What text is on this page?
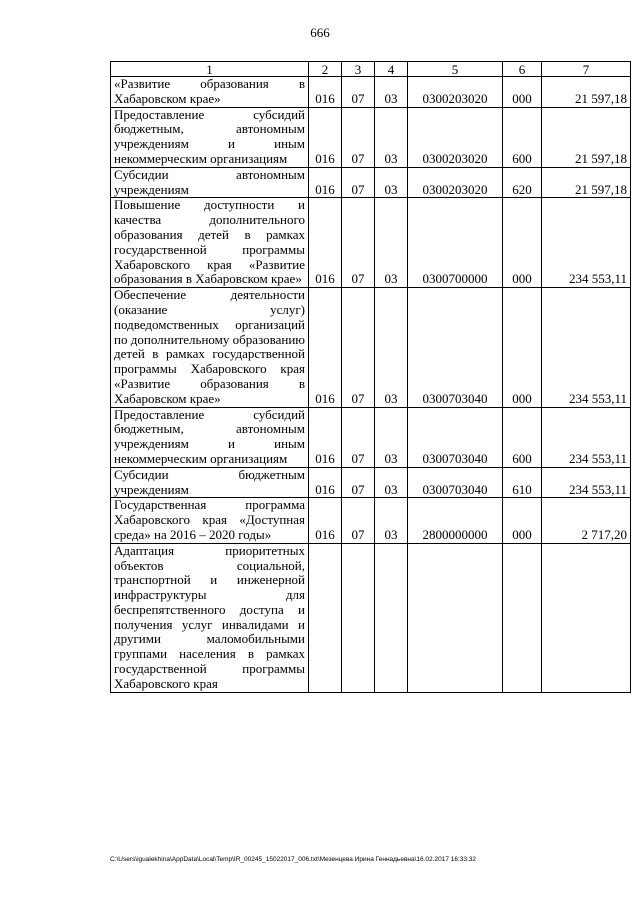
666
1	2	3	4	5	6	7
«Развитие образования в Хабаровском крае»	016	07	03	0300203020	000	21 597,18
Предоставление субсидий бюджетным, автономным учреждениям и иным некоммерческим организациям	016	07	03	0300203020	600	21 597,18
Субсидии автономным учреждениям	016	07	03	0300203020	620	21 597,18
Повышение доступности и качества дополнительного образования детей в рамках государственной программы Хабаровского края «Развитие образования в Хабаровском крае»	016	07	03	0300700000	000	234 553,11
Обеспечение деятельности (оказание услуг) подведомственных организаций по дополнительному образованию детей в рамках государственной программы Хабаровского края «Развитие образования в Хабаровском крае»	016	07	03	0300703040	000	234 553,11
Предоставление субсидий бюджетным, автономным учреждениям и иным некоммерческим организациям	016	07	03	0300703040	600	234 553,11
Субсидии бюджетным учреждениям	016	07	03	0300703040	610	234 553,11
Государственная программа Хабаровского края «Доступная среда» на 2016 – 2020 годы»	016	07	03	2800000000	000	2 717,20
Адаптация приоритетных объектов социальной, транспортной и инженерной инфраструктуры для беспрепятственного доступа и получения услуг инвалидами и другими маломобильными группами населения в рамках государственной программы Хабаровского края						
C:\Users\igualekhina\AppData\Local\Temp\IR_00245_15022017_006.txt\Мезенцева Ирина Геннадьевна\16.02.2017 16:33:32
